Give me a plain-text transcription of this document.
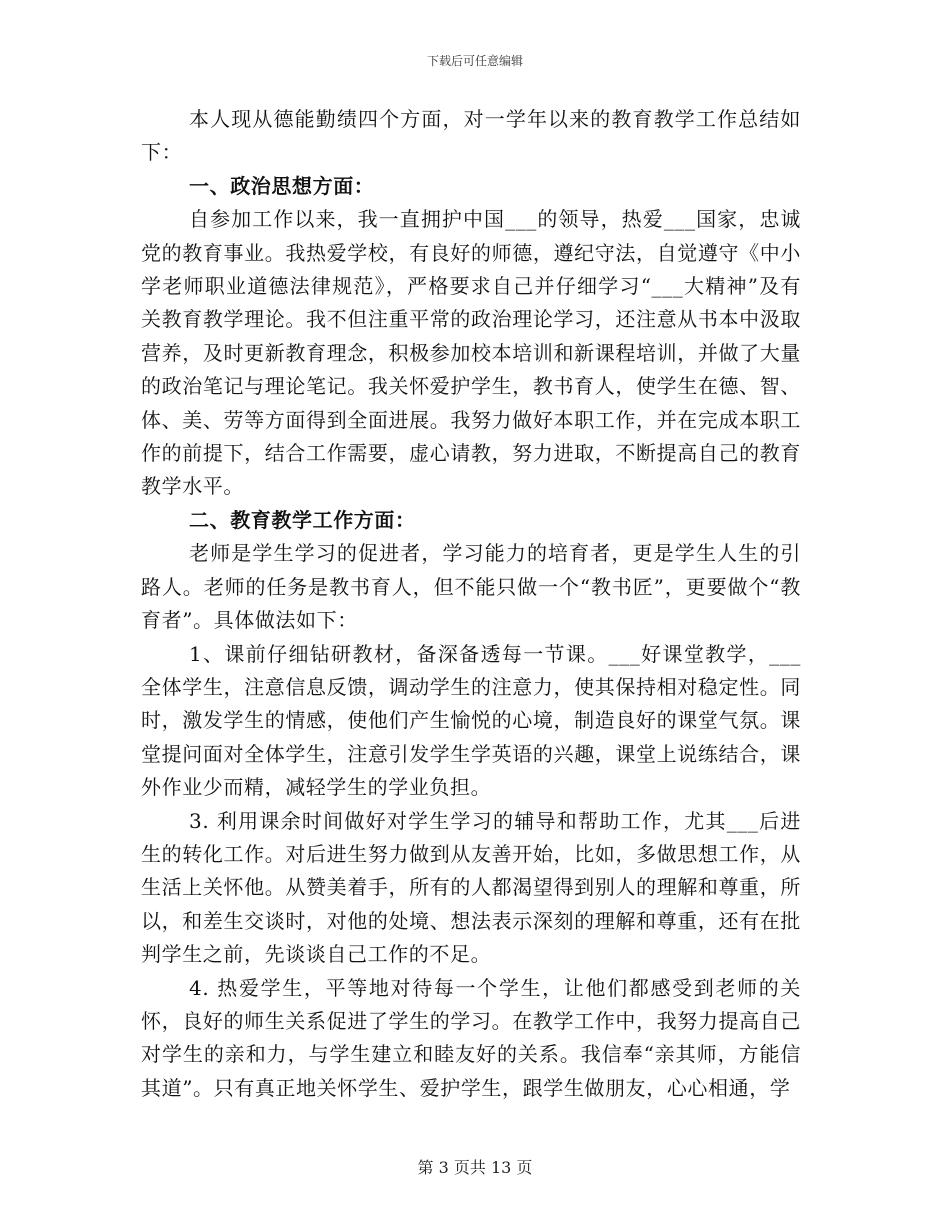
下载后可任意编辑

本人现从德能勤绩四个方面，对一学年以来的教育教学工作总结如下：

一、政治思想方面：

自参加工作以来，我一直拥护中国___的领导，热爱___国家，忠诚党的教育事业。我热爱学校，有良好的师德，遵纪守法，自觉遵守《中小学老师职业道德法律规范》，严格要求自己并仔细学习“___大精神”及有关教育教学理论。我不但注重平常的政治理论学习，还注意从书本中汲取营养，及时更新教育理念，积极参加校本培训和新课程培训，并做了大量的政治笔记与理论笔记。我关怀爱护学生，教书育人，使学生在德、智、体、美、劳等方面得到全面进展。我努力做好本职工作，并在完成本职工作的前提下，结合工作需要，虚心请教，努力进取，不断提高自己的教育教学水平。

二、教育教学工作方面：

老师是学生学习的促进者，学习能力的培育者，更是学生人生的引路人。老师的任务是教书育人，但不能只做一个“教书匠”，更要做个“教育者”。具体做法如下：

1、课前仔细钻研教材，备深备透每一节课。___好课堂教学，___全体学生，注意信息反馈，调动学生的注意力，使其保持相对稳定性。同时，激发学生的情感，使他们产生愉悦的心境，制造良好的课堂气氛。课堂提问面对全体学生，注意引发学生学英语的兴趣，课堂上说练结合，课外作业少而精，减轻学生的学业负担。

3. 利用课余时间做好对学生学习的辅导和帮助工作，尤其___后进生的转化工作。对后进生努力做到从友善开始，比如，多做思想工作，从生活上关怀他。从赞美着手，所有的人都渴望得到别人的理解和尊重，所以，和差生交谈时，对他的处境、想法表示深刻的理解和尊重，还有在批判学生之前，先谈谈自己工作的不足。

4. 热爱学生，平等地对待每一个学生，让他们都感受到老师的关怀，良好的师生关系促进了学生的学习。在教学工作中，我努力提高自己对学生的亲和力，与学生建立和睦友好的关系。我信奉“亲其师，方能信其道”。只有真正地关怀学生、爱护学生，跟学生做朋友，心心相通，学

第 3 页共 13 页
